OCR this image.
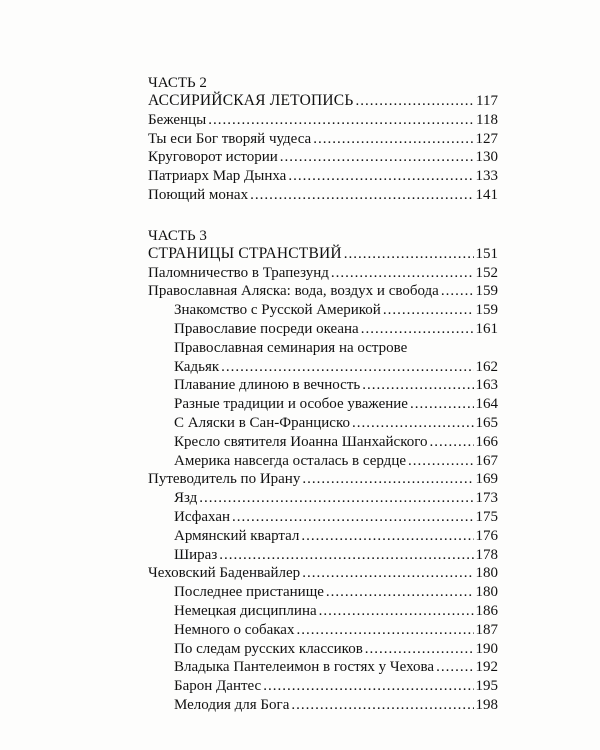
ЧАСТЬ 2
АССИРИЙСКАЯ ЛЕТОПИСЬ .....	117
Беженцы .....	118
Ты еси Бог творяй чудеса .....	127
Круговорот истории .....	130
Патриарх Мар Дынха .....	133
Поющий монах .....	141
ЧАСТЬ 3
СТРАНИЦЫ СТРАНСТВИЙ .....	151
Паломничество в Трапезунд .....	152
Православная Аляска: вода, воздух и свобода ..... 159
Знакомство с Русской Америкой .....	159
Православие посреди океана .....	161
Православная семинария на острове
Кадьяк .....	162
Плавание длиною в вечность .....	163
Разные традиции и особое уважение .....	164
С Аляски в Сан-Франциско .....	165
Кресло святителя Иоанна Шанхайского .....	166
Америка навсегда осталась в сердце .....	167
Путеводитель по Ирану .....	169
Язд .....	173
Исфахан .....	175
Армянский квартал .....	176
Шираз .....	178
Чеховский Баденвайлер .....	180
Последнее пристанище .....	180
Немецкая дисциплина .....	186
Немного о собаках .....	187
По следам русских классиков .....	190
Владыка Пантелеимон в гостях у Чехова .....	192
Барон Дантес .....	195
Мелодия для Бога .....	198
